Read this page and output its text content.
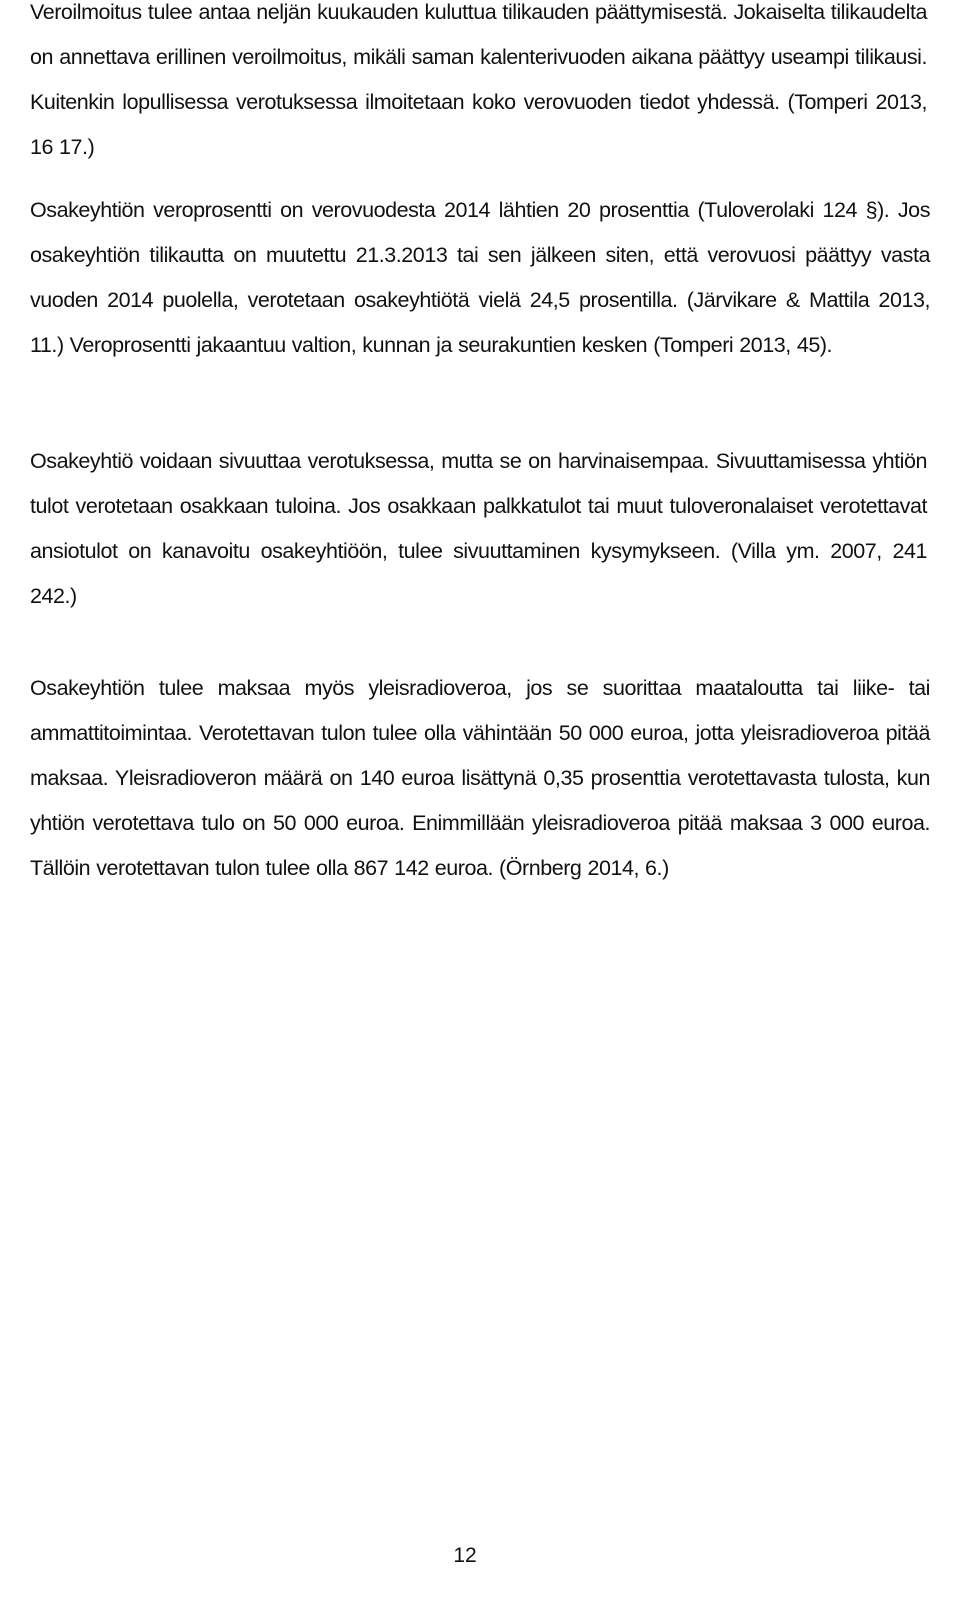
Veroilmoitus tulee antaa neljän kuukauden kuluttua tilikauden päättymisestä. Jokaiselta tilikaudelta on annettava erillinen veroilmoitus, mikäli saman kalenterivuoden aikana päättyy useampi tilikausi. Kuitenkin lopullisessa verotuksessa ilmoitetaan koko verovuoden tiedot yhdessä. (Tomperi 2013, 16 17.)

Osakeyhtiön veroprosentti on verovuodesta 2014 lähtien 20 prosenttia (Tuloverolaki 124 §). Jos osakeyhtiön tilikautta on muutettu 21.3.2013 tai sen jälkeen siten, että verovuosi päättyy vasta vuoden 2014 puolella, verotetaan osakeyhtiötä vielä 24,5 prosentilla. (Järvikare & Mattila 2013, 11.) Veroprosentti jakaantuu valtion, kunnan ja seurakuntien kesken (Tomperi 2013, 45).

Osakeyhtiö voidaan sivuuttaa verotuksessa, mutta se on harvinaisempaa. Sivuuttamisessa yhtiön tulot verotetaan osakkaan tuloina. Jos osakkaan palkkatulot tai muut tuloveronalaiset verotettavat ansiotulot on kanavoitu osakeyhtiöön, tulee sivuuttaminen kysymykseen. (Villa ym. 2007, 241 242.)

Osakeyhtiön tulee maksaa myös yleisradioveroa, jos se suorittaa maataloutta tai liike- tai ammattitoimintaa. Verotettavan tulon tulee olla vähintään 50 000 euroa, jotta yleisradioveroa pitää maksaa. Yleisradioveron määrä on 140 euroa lisättynä 0,35 prosenttia verotettavasta tulosta, kun yhtiön verotettava tulo on 50 000 euroa. Enimmillään yleisradioveroa pitää maksaa 3 000 euroa. Tällöin verotettavan tulon tulee olla 867 142 euroa. (Örnberg 2014, 6.)

12
